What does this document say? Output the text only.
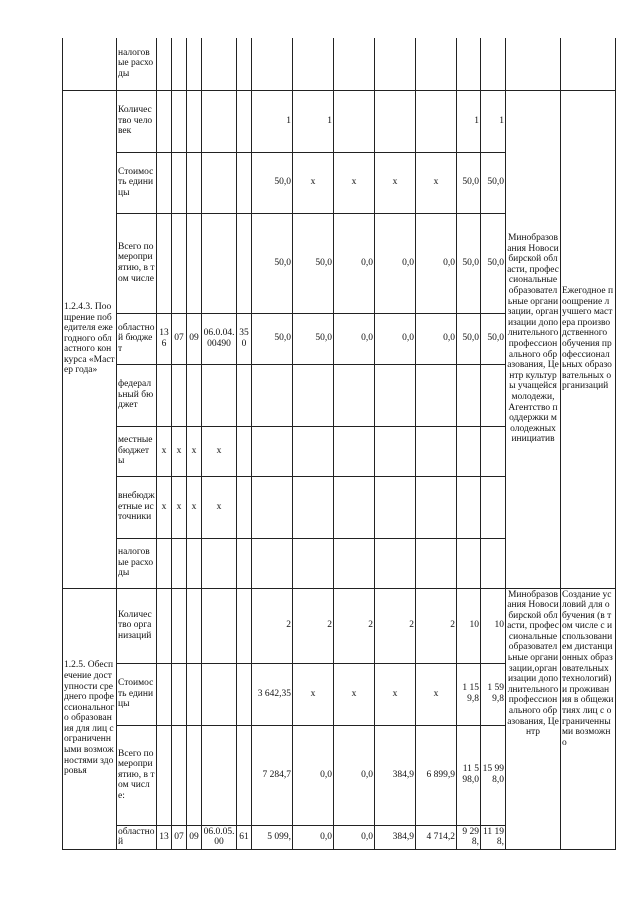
	налоговые расходы														
1.2.4.3. Поощрение победителя ежегодного областного конкурса «Мастер года»	Количество человек						1	1				1	1	Минобразования Новосибирской области, профессиональные образовательные организации, организации дополнительного профессионального образования, Центр культуры учащейся молодежи, Агентство поддержки молодежных инициатив	Ежегодное поощрение лучшего мастера производственного обучения профессиональных образовательных организаций
	Стоимость единицы						50,0	х	х	х	х	50,0	50,0		
	Всего по мероприятию, в том числе						50,0	50,0	0,0	0,0	0,0	50,0	50,0		
	областной бюджет	136	07	09	06.0.04.00490	350	50,0	50,0	0,0	0,0	0,0	50,0	50,0		
	федеральный бюджет														
	местные бюджеты	х	х	х	х										
	внебюджетные источники	х	х	х	х										
	налоговые расходы														
1.2.5. Обеспечение доступности среднего профессионального образования для лиц с ограниченными возможностями здоровья	Количество организаций						2	2	2	2	2	10	10	Минобразования Новосибирской области, профессиональные образовательные организации,организации дополнительного профессионального образования, Центр	Создание условий для обучения (в том числе с использованием дистанционных образовательных технологий) и проживания в общежитиях лиц с ограниченными возможно
	Стоимость единицы						3 642,35	х	х	х	х	1 159,8	1 599,8		
	Всего по мероприятию, в том числе:						7 284,7	0,0	0,0	384,9	6 899,9	11 598,0	15 998,0		
	областной	13	07	09	06.0.05.00	61	5 099,	0,0	0,0	384,9	4 714,2	9 298,	11 198,		
